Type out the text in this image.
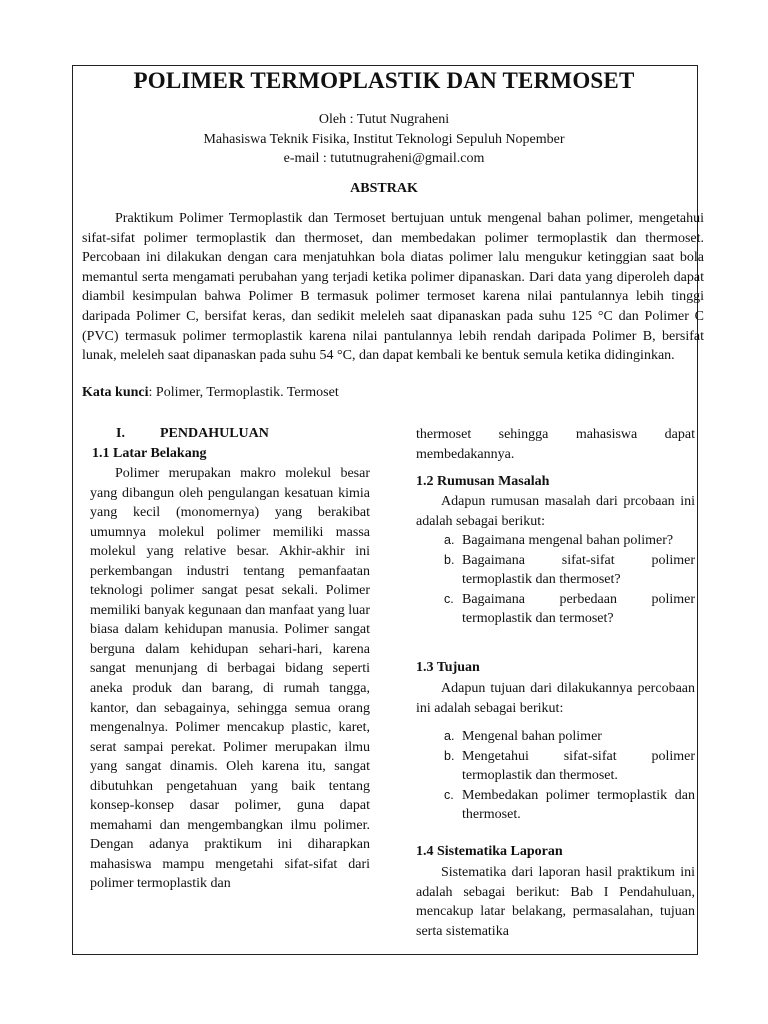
POLIMER TERMOPLASTIK DAN TERMOSET
Oleh : Tutut Nugraheni
Mahasiswa Teknik Fisika, Institut Teknologi Sepuluh Nopember
e-mail : tututnugraheni@gmail.com
ABSTRAK

Praktikum Polimer Termoplastik dan Termoset bertujuan untuk mengenal bahan polimer, mengetahui sifat-sifat polimer termoplastik dan thermoset, dan membedakan polimer termoplastik dan thermoset. Percobaan ini dilakukan dengan cara menjatuhkan bola diatas polimer lalu mengukur ketinggian saat bola memantul serta mengamati perubahan yang terjadi ketika polimer dipanaskan. Dari data yang diperoleh dapat diambil kesimpulan bahwa Polimer B termasuk polimer termoset karena nilai pantulannya lebih tinggi daripada Polimer C, bersifat keras, dan sedikit meleleh saat dipanaskan pada suhu 125 °C dan Polimer C (PVC) termasuk polimer termoplastik karena nilai pantulannya lebih rendah daripada Polimer B, bersifat lunak, meleleh saat dipanaskan pada suhu 54 °C, dan dapat kembali ke bentuk semula ketika didinginkan.

Kata kunci: Polimer, Termoplastik. Termoset

I.	PENDAHULUAN
1.1 Latar Belakang

Polimer merupakan makro molekul besar yang dibangun oleh pengulangan kesatuan kimia yang kecil (monomernya) yang berakibat umumnya molekul polimer memiliki massa molekul yang relative besar. Akhir-akhir ini perkembangan industri tentang pemanfaatan teknologi polimer sangat pesat sekali. Polimer memiliki banyak kegunaan dan manfaat yang luar biasa dalam kehidupan manusia. Polimer sangat berguna dalam kehidupan sehari-hari, karena sangat menunjang di berbagai bidang seperti aneka produk dan barang, di rumah tangga, kantor, dan sebagainya, sehingga semua orang mengenalnya. Polimer mencakup plastic, karet, serat sampai perekat. Polimer merupakan ilmu yang sangat dinamis. Oleh karena itu, sangat dibutuhkan pengetahuan yang baik tentang konsep-konsep dasar polimer, guna dapat memahami dan mengembangkan ilmu polimer. Dengan adanya praktikum ini diharapkan mahasiswa mampu mengetahi sifat-sifat dari polimer termoplastik dan

thermoset sehingga mahasiswa dapat membedakannya.

1.2 Rumusan Masalah

Adapun rumusan masalah dari prcobaan ini adalah sebagai berikut:

a. Bagaimana mengenal bahan polimer?
b. Bagaimana sifat-sifat polimer termoplastik dan thermoset?
c. Bagaimana perbedaan polimer termoplastik dan termoset?
1.3 Tujuan

Adapun tujuan dari dilakukannya percobaan ini adalah sebagai berikut:

a. Mengenal bahan polimer
b. Mengetahui sifat-sifat polimer termoplastik dan thermoset.
c. Membedakan polimer termoplastik dan thermoset.
1.4 Sistematika Laporan

Sistematika dari laporan hasil praktikum ini adalah sebagai berikut: Bab I Pendahuluan, mencakup latar belakang, permasalahan, tujuan serta sistematika
